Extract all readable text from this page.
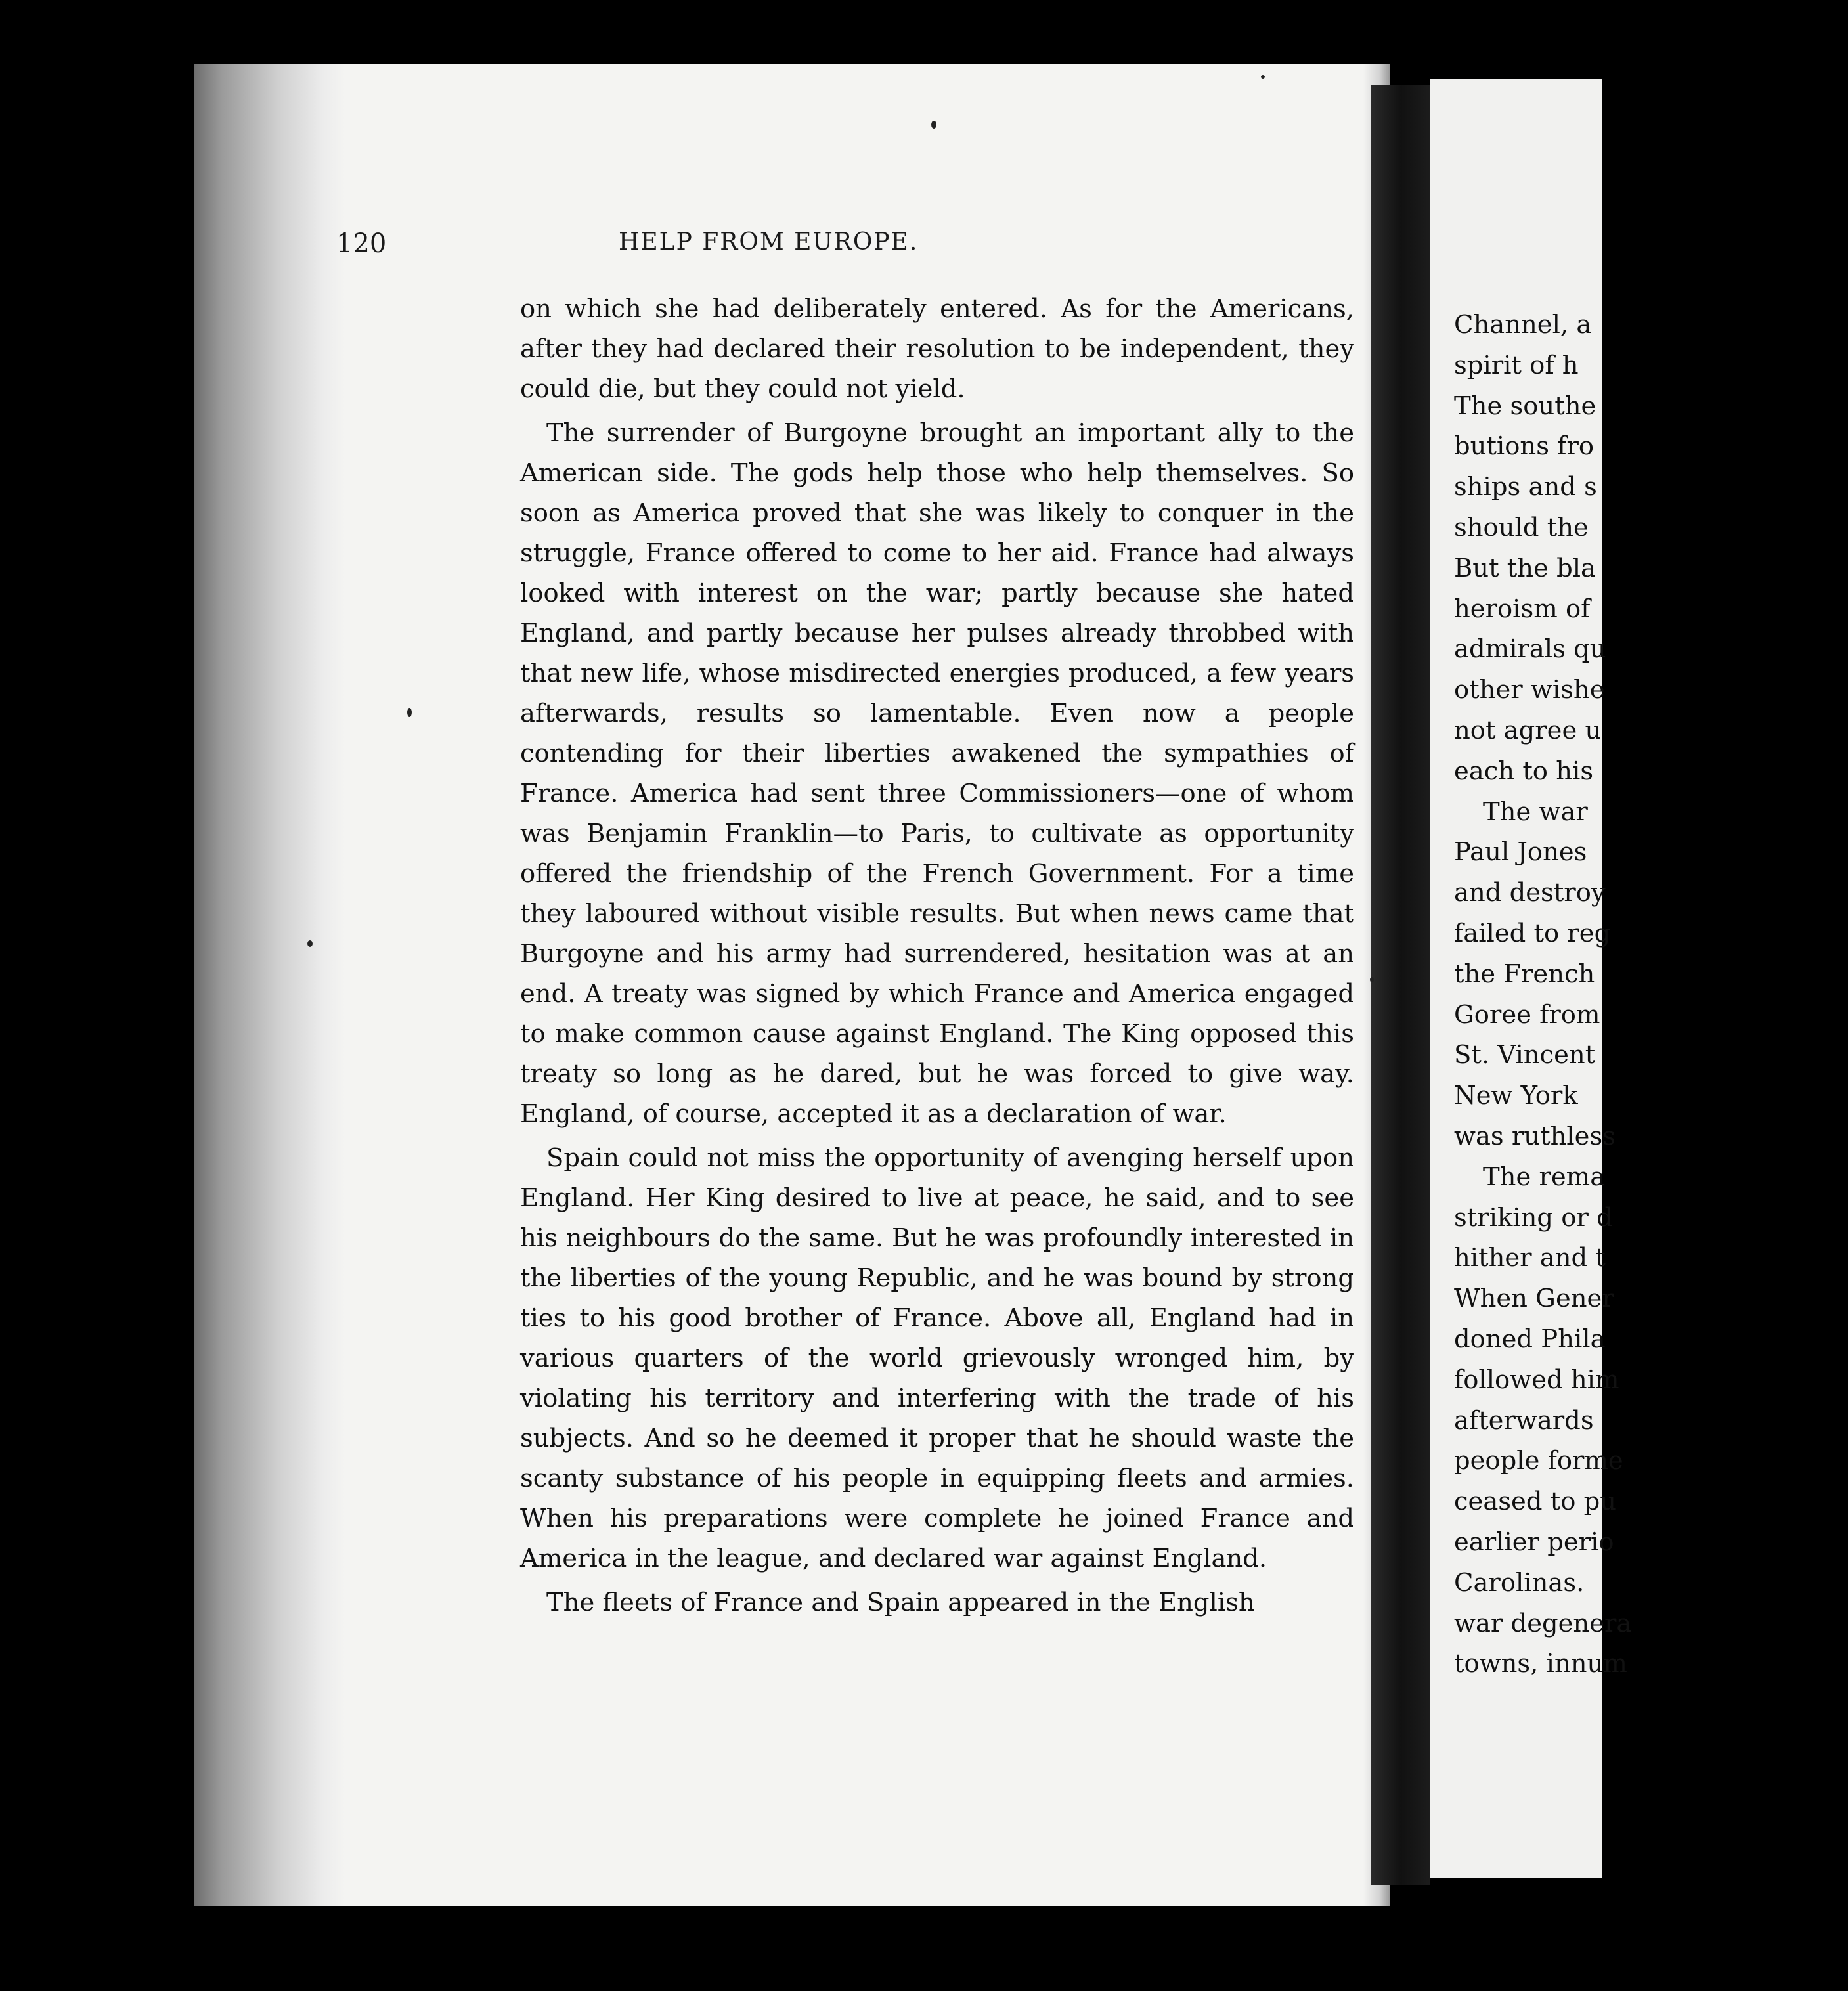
120	HELP FROM EUROPE.

on which she had deliberately entered. As for the Americans, after they had declared their resolution to be independent, they could die, but they could not yield.

The surrender of Burgoyne brought an important ally to the American side. The gods help those who help themselves. So soon as America proved that she was likely to conquer in the struggle, France offered to come to her aid. France had always looked with interest on the war; partly because she hated England, and partly because her pulses already throbbed with that new life, whose misdirected energies produced, a few years afterwards, results so lamentable. Even now a people contending for their liberties awakened the sympathies of France. America had sent three Commissioners—one of whom was Benjamin Franklin—to Paris, to cultivate as opportunity offered the friendship of the French Government. For a time they laboured without visible results. But when news came that Burgoyne and his army had surrendered, hesitation was at an end. A treaty was signed by which France and America engaged to make common cause against England. The King opposed this treaty so long as he dared, but he was forced to give way. England, of course, accepted it as a declaration of war.

Spain could not miss the opportunity of avenging herself upon England. Her King desired to live at peace, he said, and to see his neighbours do the same. But he was profoundly interested in the liberties of the young Republic, and he was bound by strong ties to his good brother of France. Above all, England had in various quarters of the world grievously wronged him, by violating his territory and interfering with the trade of his subjects. And so he deemed it proper that he should waste the scanty substance of his people in equipping fleets and armies. When his preparations were complete he joined France and America in the league, and declared war against England.

The fleets of France and Spain appeared in the English

Channel, a
spirit of h
The southe
butions fro
ships and s
should the
But the bla
heroism of
admirals qu
other wishe
not agree u
each to his
The war
Paul Jones
and destroy
failed to reg
the French
Goree from
St. Vincent
New York
was ruthless
The rema
striking or d
hither and t
When Gener
doned Phila
followed him
afterwards
people forme
ceased to pu
earlier perio
Carolinas.
war degenera
towns, innum
